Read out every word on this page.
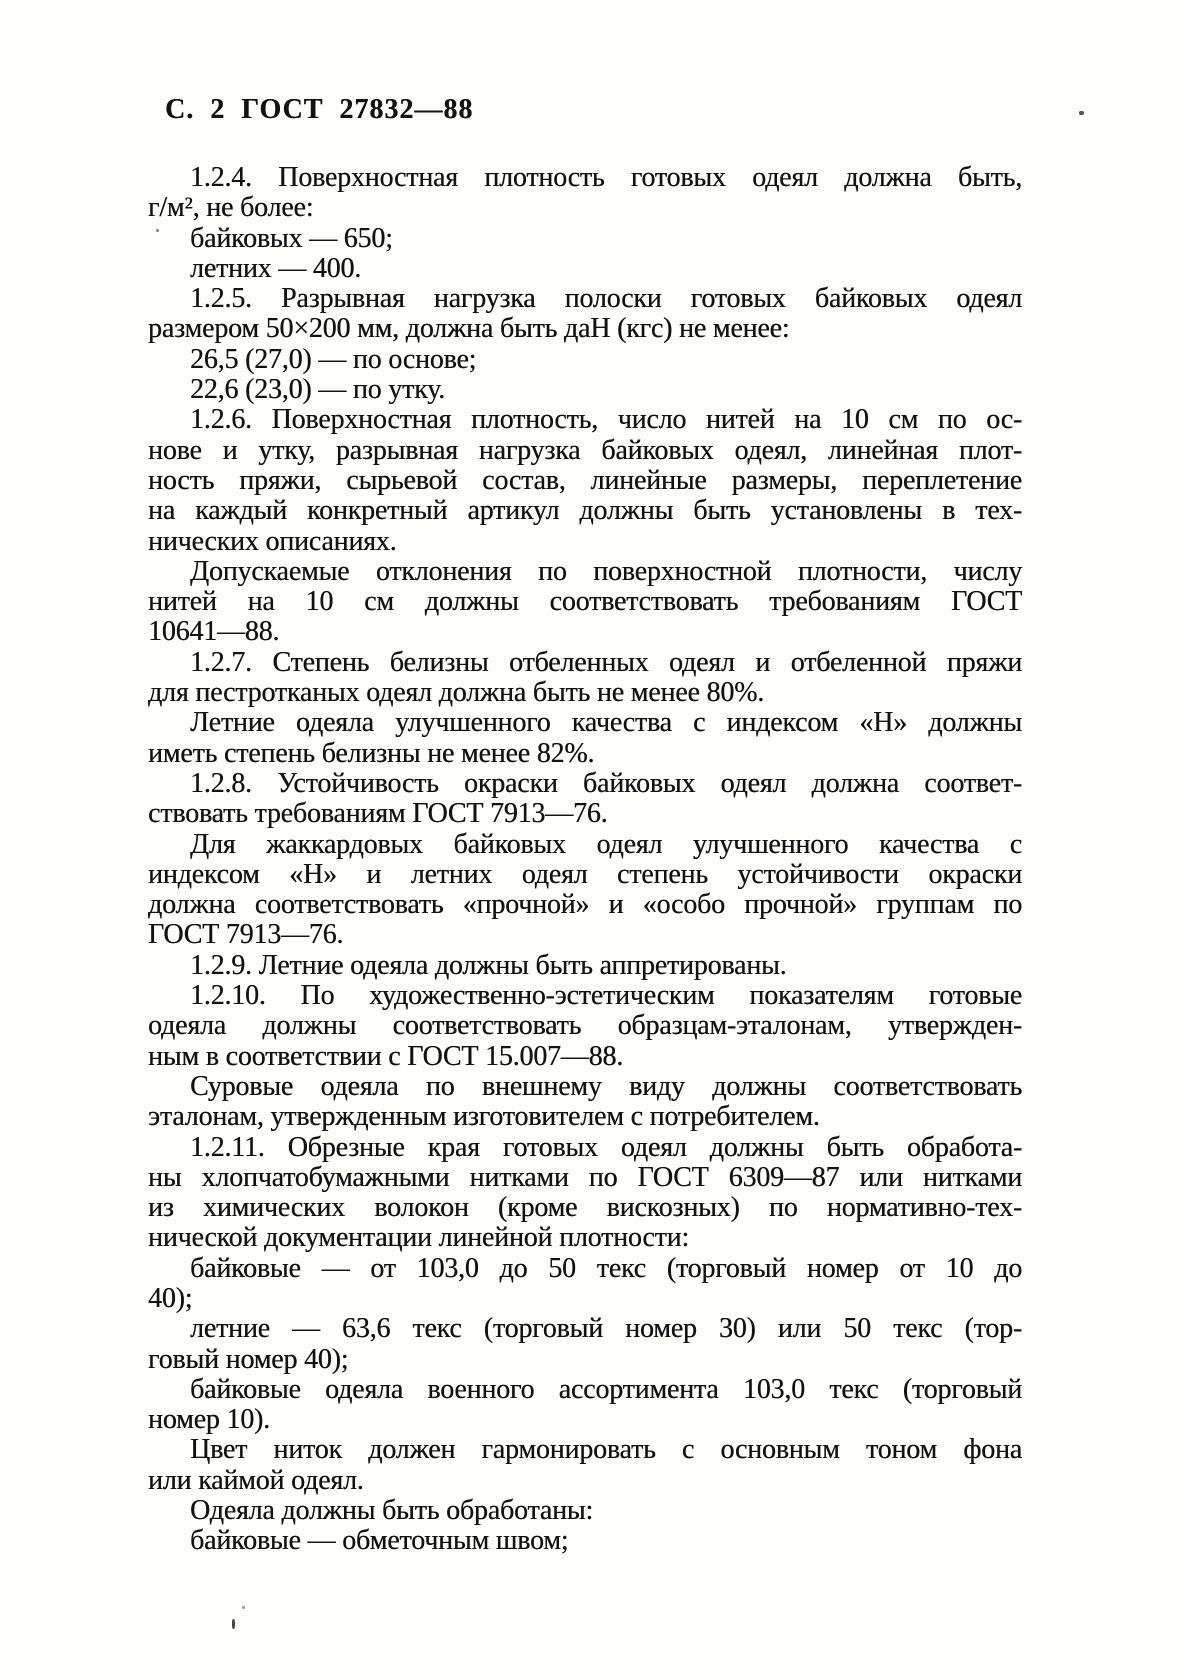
С. 2 ГОСТ 27832—88
1.2.4. Поверхностная плотность готовых одеял должна быть,
г/м², не более:
байковых — 650;
летних — 400.
1.2.5. Разрывная нагрузка полоски готовых байковых одеял
размером 50×200 мм, должна быть даН (кгс) не менее:
26,5 (27,0) — по основе;
22,6 (23,0) — по утку.
1.2.6. Поверхностная плотность, число нитей на 10 см по ос-
нове и утку, разрывная нагрузка байковых одеял, линейная плот-
ность пряжи, сырьевой состав, линейные размеры, переплетение
на каждый конкретный артикул должны быть установлены в тех-
нических описаниях.
Допускаемые отклонения по поверхностной плотности, числу
нитей на 10 см должны соответствовать требованиям ГОСТ
10641—88.
1.2.7. Степень белизны отбеленных одеял и отбеленной пряжи
для пестротканых одеял должна быть не менее 80%.
Летние одеяла улучшенного качества с индексом «Н» должны
иметь степень белизны не менее 82%.
1.2.8. Устойчивость окраски байковых одеял должна соответ-
ствовать требованиям ГОСТ 7913—76.
Для жаккардовых байковых одеял улучшенного качества с
индексом «Н» и летних одеял степень устойчивости окраски
должна соответствовать «прочной» и «особо прочной» группам по
ГОСТ 7913—76.
1.2.9. Летние одеяла должны быть аппретированы.
1.2.10. По художественно-эстетическим показателям готовые
одеяла должны соответствовать образцам-эталонам, утвержден-
ным в соответствии с ГОСТ 15.007—88.
Суровые одеяла по внешнему виду должны соответствовать
эталонам, утвержденным изготовителем с потребителем.
1.2.11. Обрезные края готовых одеял должны быть обработа-
ны хлопчатобумажными нитками по ГОСТ 6309—87 или нитками
из химических волокон (кроме вискозных) по нормативно-тех-
нической документации линейной плотности:
байковые — от 103,0 до 50 текс (торговый номер от 10 до
40);
летние — 63,6 текс (торговый номер 30) или 50 текс (тор-
говый номер 40);
байковые одеяла военного ассортимента 103,0 текс (торговый
номер 10).
Цвет ниток должен гармонировать с основным тоном фона
или каймой одеял.
Одеяла должны быть обработаны:
байковые — обметочным швом;
